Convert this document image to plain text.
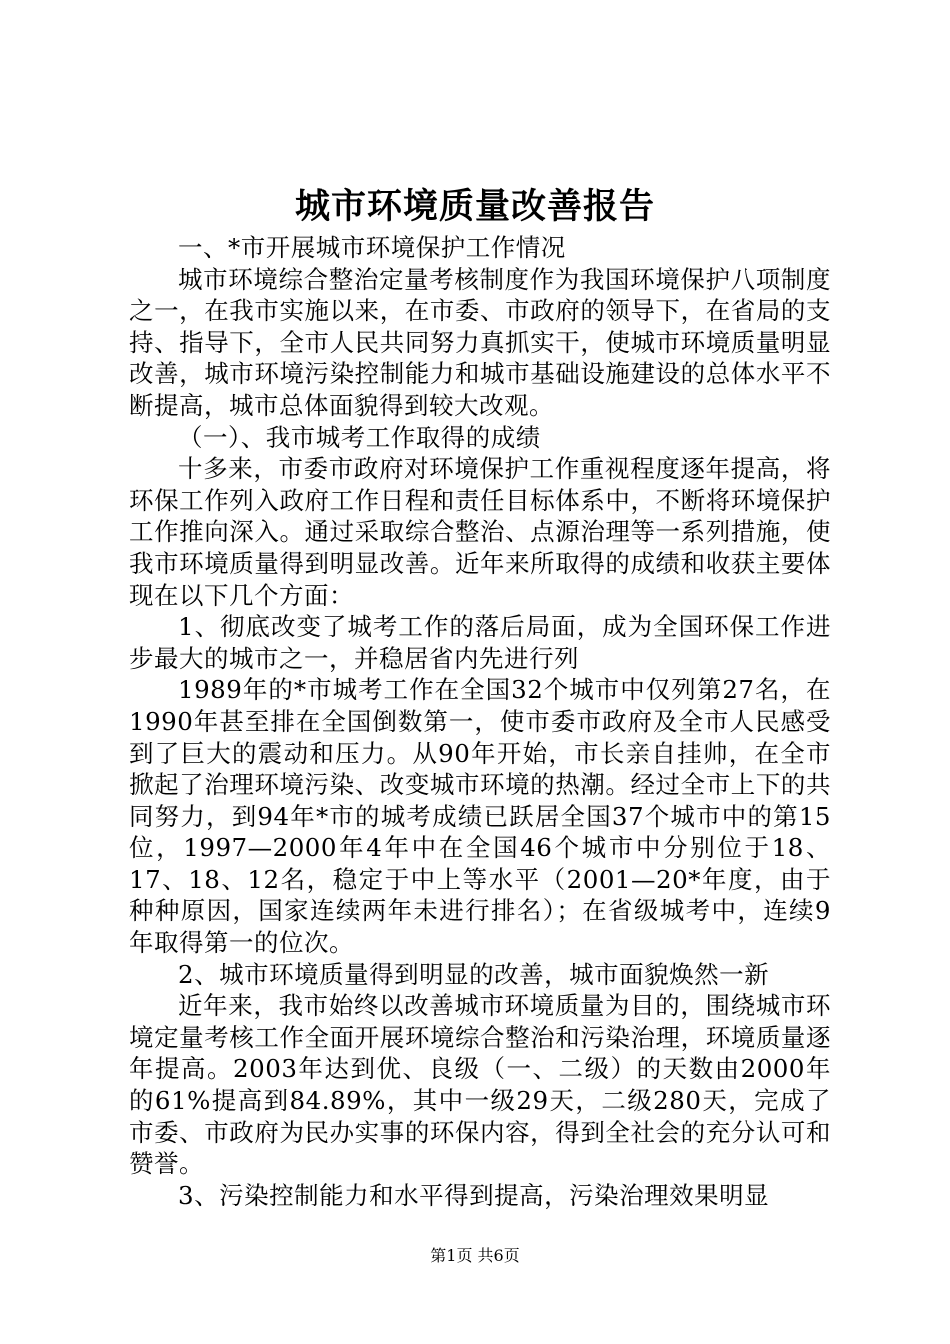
城市环境质量改善报告

一、*市开展城市环境保护工作情况

城市环境综合整治定量考核制度作为我国环境保护八项制度之一，在我市实施以来，在市委、市政府的领导下，在省局的支持、指导下，全市人民共同努力真抓实干，使城市环境质量明显改善，城市环境污染控制能力和城市基础设施建设的总体水平不断提高，城市总体面貌得到较大改观。

（一）、我市城考工作取得的成绩

十多来，市委市政府对环境保护工作重视程度逐年提高，将环保工作列入政府工作日程和责任目标体系中，不断将环境保护工作推向深入。通过采取综合整治、点源治理等一系列措施，使我市环境质量得到明显改善。近年来所取得的成绩和收获主要体现在以下几个方面：

1、彻底改变了城考工作的落后局面，成为全国环保工作进步最大的城市之一，并稳居省内先进行列

1989年的*市城考工作在全国32个城市中仅列第27名，在1990年甚至排在全国倒数第一，使市委市政府及全市人民感受到了巨大的震动和压力。从90年开始，市长亲自挂帅，在全市掀起了治理环境污染、改变城市环境的热潮。经过全市上下的共同努力，到94年*市的城考成绩已跃居全国37个城市中的第15位，1997—2000年4年中在全国46个城市中分别位于18、17、18、12名，稳定于中上等水平（2001—20*年度，由于种种原因，国家连续两年未进行排名）；在省级城考中，连续9年取得第一的位次。

2、城市环境质量得到明显的改善，城市面貌焕然一新

近年来，我市始终以改善城市环境质量为目的，围绕城市环境定量考核工作全面开展环境综合整治和污染治理，环境质量逐年提高。2003年达到优、良级（一、二级）的天数由2000年的61%提高到84.89%，其中一级29天，二级280天，完成了市委、市政府为民办实事的环保内容，得到全社会的充分认可和赞誉。

3、污染控制能力和水平得到提高，污染治理效果明显

第1页 共6页
